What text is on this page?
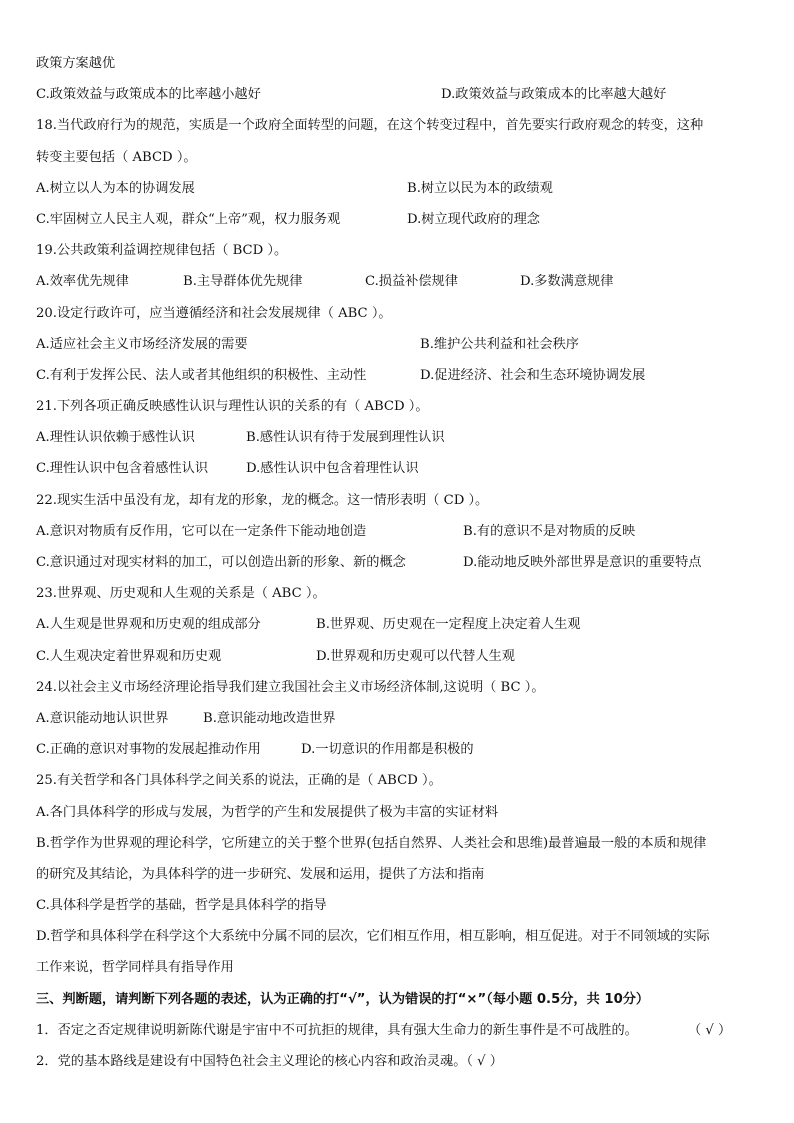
政策方案越优
C.政策效益与政策成本的比率越小越好	D.政策效益与政策成本的比率越大越好
18.当代政府行为的规范，实质是一个政府全面转型的问题，在这个转变过程中，首先要实行政府观念的转变，这种
转变主要包括（ ABCD ）。
A.树立以人为本的协调发展	B.树立以民为本的政绩观
C.牢固树立人民主人观，群众“上帝”观，权力服务观	D.树立现代政府的理念
19.公共政策利益调控规律包括（ BCD ）。
A.效率优先规律	B.主导群体优先规律	C.损益补偿规律	D.多数满意规律
20.设定行政许可，应当遵循经济和社会发展规律（ ABC ）。
A.适应社会主义市场经济发展的需要	B.维护公共利益和社会秩序
C.有利于发挥公民、法人或者其他组织的积极性、主动性	D.促进经济、社会和生态环境协调发展
21.下列各项正确反映感性认识与理性认识的关系的有（ ABCD ）。
A.理性认识依赖于感性认识	B.感性认识有待于发展到理性认识
C.理性认识中包含着感性认识	D.感性认识中包含着理性认识
22.现实生活中虽没有龙，却有龙的形象，龙的概念。这一情形表明（ CD ）。
A.意识对物质有反作用，它可以在一定条件下能动地创造	B.有的意识不是对物质的反映
C.意识通过对现实材料的加工，可以创造出新的形象、新的概念	D.能动地反映外部世界是意识的重要特点
23.世界观、历史观和人生观的关系是（ ABC ）。
A.人生观是世界观和历史观的组成部分	B.世界观、历史观在一定程度上决定着人生观
C.人生观决定着世界观和历史观	D.世界观和历史观可以代替人生观
24.以社会主义市场经济理论指导我们建立我国社会主义市场经济体制,这说明（ BC ）。
A.意识能动地认识世界	B.意识能动地改造世界
C.正确的意识对事物的发展起推动作用	D.一切意识的作用都是积极的
25.有关哲学和各门具体科学之间关系的说法，正确的是（ ABCD ）。
A.各门具体科学的形成与发展，为哲学的产生和发展提供了极为丰富的实证材料
B.哲学作为世界观的理论科学，它所建立的关于整个世界(包括自然界、人类社会和思维)最普遍最一般的本质和规律
的研究及其结论，为具体科学的进一步研究、发展和运用，提供了方法和指南
C.具体科学是哲学的基础，哲学是具体科学的指导
D.哲学和具体科学在科学这个大系统中分属不同的层次，它们相互作用，相互影响，相互促进。对于不同领域的实际
工作来说，哲学同样具有指导作用
三、判断题，请判断下列各题的表述，认为正确的打“√”，认为错误的打“×”（每小题 0.5分，共 10分）
1．否定之否定规律说明新陈代谢是宇宙中不可抗拒的规律，具有强大生命力的新生事件是不可战胜的。	（ √ ）
2．党的基本路线是建设有中国特色社会主义理论的核心内容和政治灵魂。（ √ ）
